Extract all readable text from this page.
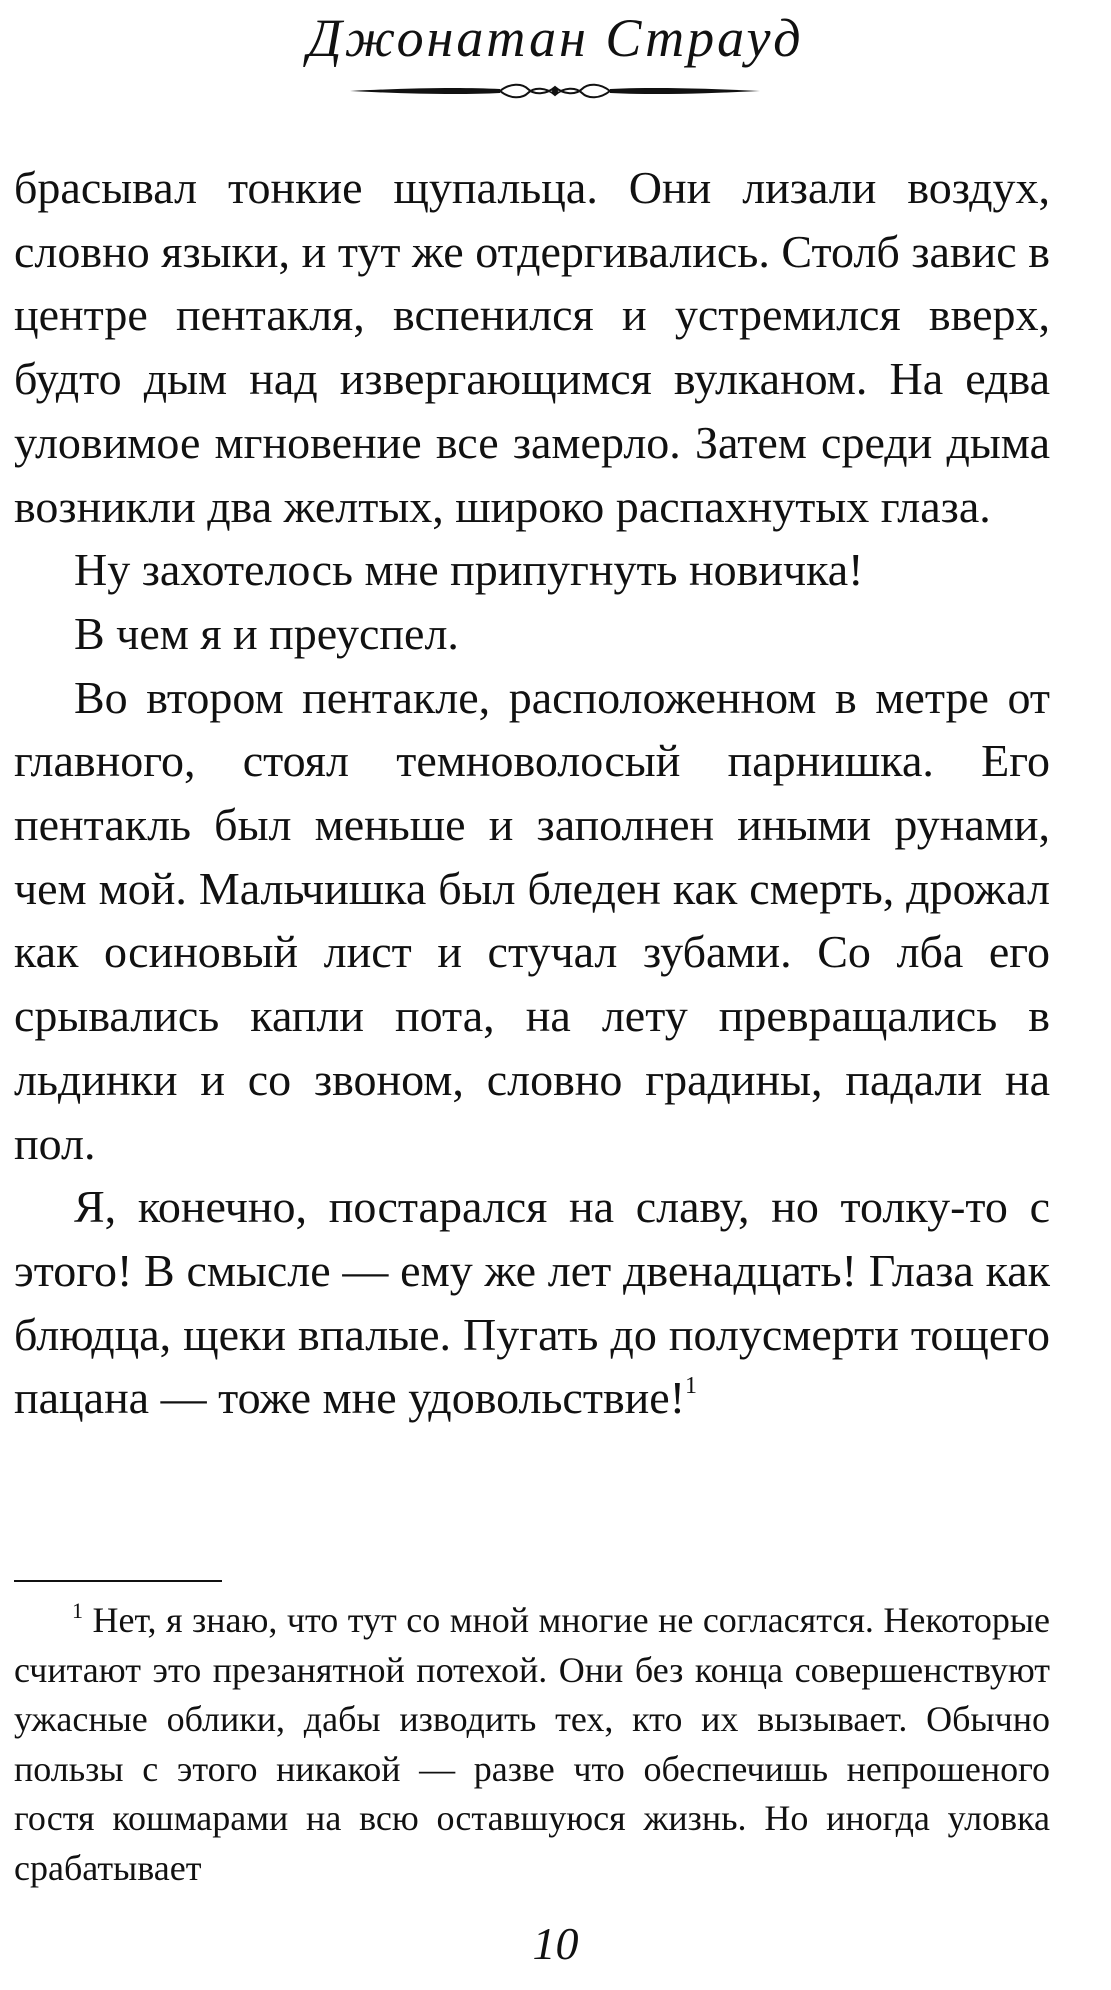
Джонатан Страуд

брасывал тонкие щупальца. Они лизали воздух, словно языки, и тут же отдергивались. Столб завис в центре пентакля, вспенился и устремился вверх, будто дым над извергающимся вулканом. На едва уловимое мгновение все замерло. Затем среди дыма возникли два желтых, широко распахнутых глаза.

Ну захотелось мне припугнуть новичка!

В чем я и преуспел.

Во втором пентакле, расположенном в метре от главного, стоял темноволосый парнишка. Его пентакль был меньше и заполнен иными рунами, чем мой. Мальчишка был бледен как смерть, дрожал как осиновый лист и стучал зубами. Со лба его срывались капли пота, на лету превращались в льдинки и со звоном, словно градины, падали на пол.

Я, конечно, постарался на славу, но толку-то с этого! В смысле — ему же лет двенадцать! Глаза как блюдца, щеки впалые. Пугать до полусмерти тощего пацана — тоже мне удовольствие!$^1$

$^1$ Нет, я знаю, что тут со мной многие не согласятся. Некоторые считают это презанятной потехой. Они без конца совершенствуют ужасные облики, дабы изводить тех, кто их вызывает. Обычно пользы с этого никакой — разве что обеспечишь непрошеного гостя кошмарами на всю оставшуюся жизнь. Но иногда уловка срабатывает

10
